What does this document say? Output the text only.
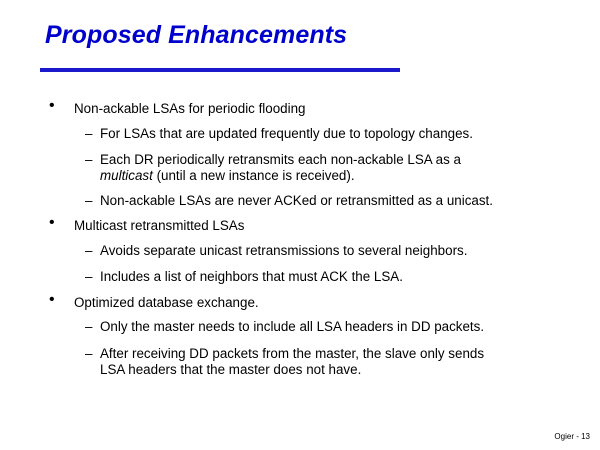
Proposed Enhancements
• Non-ackable LSAs for periodic flooding
– For LSAs that are updated frequently due to topology changes.
– Each DR periodically retransmits each non-ackable LSA as a
multicast (until a new instance is received).
– Non-ackable LSAs are never ACKed or retransmitted as a unicast.
• Multicast retransmitted LSAs
– Avoids separate unicast retransmissions to several neighbors.
– Includes a list of neighbors that must ACK the LSA.
• Optimized database exchange.
– Only the master needs to include all LSA headers in DD packets.
– After receiving DD packets from the master, the slave only sends
LSA headers that the master does not have.
Ogier - 13
